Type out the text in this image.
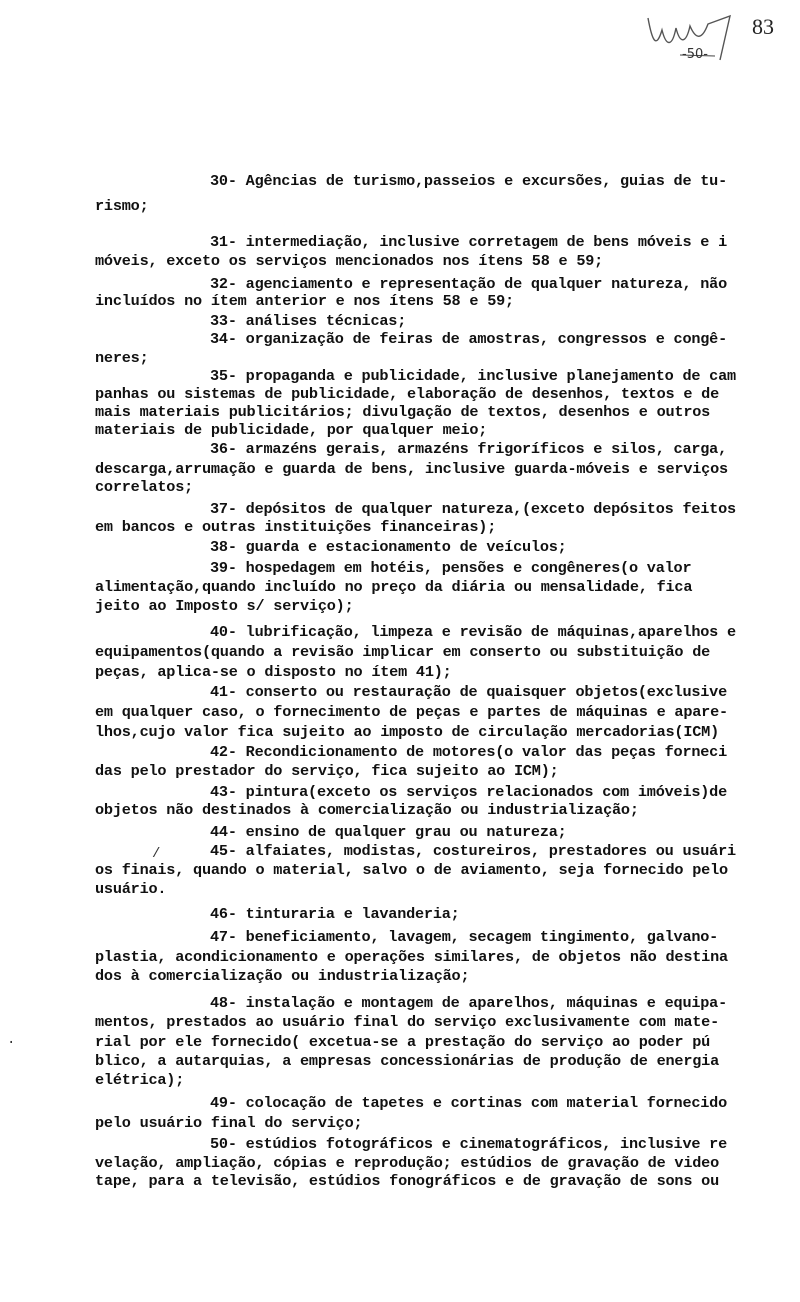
-50-
83
30- Agências de turismo,passeios e excursões, guias de tu-
rismo;
31- intermediação, inclusive corretagem de bens móveis e i
móveis, exceto os serviços mencionados nos ítens 58 e 59;
32- agenciamento e representação de qualquer natureza, não
incluídos no ítem anterior e nos ítens 58 e 59;
33- análises técnicas;
34- organização de feiras de amostras, congressos e congê-
neres;
35- propaganda e publicidade, inclusive planejamento de cam
panhas ou sistemas de publicidade, elaboração de desenhos, textos e de
mais materiais publicitários; divulgação de textos, desenhos e outros
materiais de publicidade, por qualquer meio;
36- armazéns gerais, armazéns frigoríficos e silos, carga,
descarga,arrumação e guarda de bens, inclusive guarda-móveis e serviços
correlatos;
37- depósitos de qualquer natureza,(exceto depósitos feitos
em bancos e outras instituições financeiras);
38- guarda e estacionamento de veículos;
39- hospedagem em hotéis, pensões e congêneres(o valor
alimentação,quando incluído no preço da diária ou mensalidade, fica
jeito ao Imposto s/ serviço);
40- lubrificação, limpeza e revisão de máquinas,aparelhos e
equipamentos(quando a revisão implicar em conserto ou substituição de
peças, aplica-se o disposto no ítem 41);
41- conserto ou restauração de quaisquer objetos(exclusive
em qualquer caso, o fornecimento de peças e partes de máquinas e apare-
lhos,cujo valor fica sujeito ao imposto de circulação mercadorias(ICM)
42- Recondicionamento de motores(o valor das peças forneci
das pelo prestador do serviço, fica sujeito ao ICM);
43- pintura(exceto os serviços relacionados com imóveis)de
objetos não destinados à comercialização ou industrialização;
44- ensino de qualquer grau ou natureza;
45- alfaiates, modistas, costureiros, prestadores ou usuári
os finais, quando o material, salvo o de aviamento, seja fornecido pelo
usuário.
46- tinturaria e lavanderia;
47- beneficiamento, lavagem, secagem tingimento, galvano-
plastia, acondicionamento e operações similares, de objetos não destina
dos à comercialização ou industrialização;
48- instalação e montagem de aparelhos, máquinas e equipa-
mentos, prestados ao usuário final do serviço exclusivamente com mate-
rial por ele fornecido( excetua-se a prestação do serviço ao poder pú
blico, a autarquias, a empresas concessionárias de produção de energia
elétrica);
49- colocação de tapetes e cortinas com material fornecido
pelo usuário final do serviço;
50- estúdios fotográficos e cinematográficos, inclusive re
velação, ampliação, cópias e reprodução; estúdios de gravação de video
tape, para a televisão, estúdios fonográficos e de gravação de sons ou
/
·
